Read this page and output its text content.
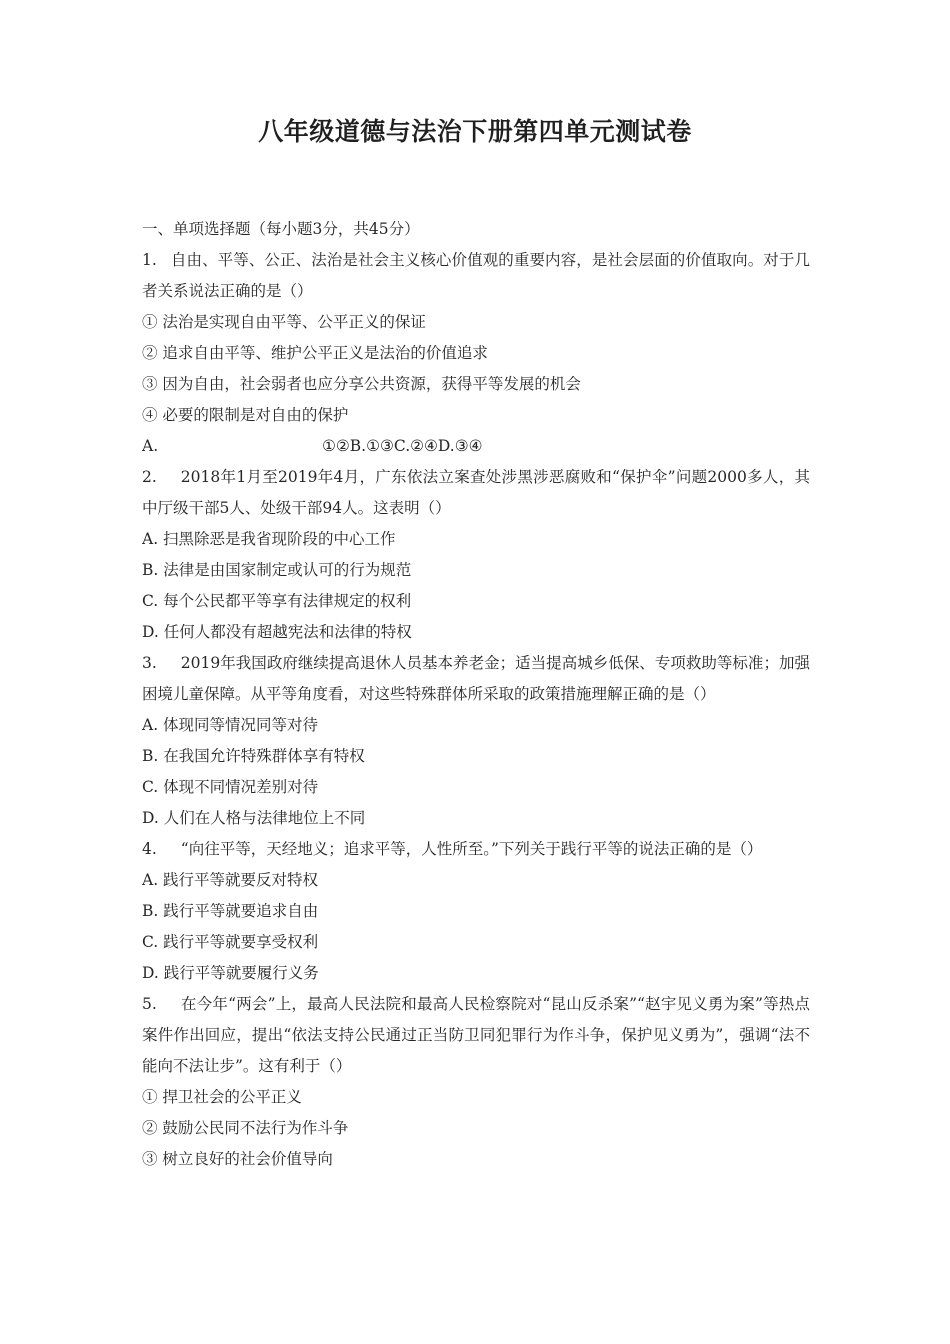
八年级道德与法治下册第四单元测试卷
一、单项选择题（每小题3分，共45分）
1. 自由、平等、公正、法治是社会主义核心价值观的重要内容，是社会层面的价值取向。对于几者关系说法正确的是（）
① 法治是实现自由平等、公平正义的保证
② 追求自由平等、维护公平正义是法治的价值追求
③ 因为自由，社会弱者也应分享公共资源，获得平等发展的机会
④ 必要的限制是对自由的保护
A.	①②B.①③C.②④D.③④
2. 2018年1月至2019年4月，广东依法立案查处涉黑涉恶腐败和“保护伞”问题2000多人，其中厅级干部5人、处级干部94人。这表明（）
A. 扫黑除恶是我省现阶段的中心工作
B. 法律是由国家制定或认可的行为规范
C. 每个公民都平等享有法律规定的权利
D. 任何人都没有超越宪法和法律的特权
3. 2019年我国政府继续提高退休人员基本养老金；适当提高城乡低保、专项救助等标准；加强困境儿童保障。从平等角度看，对这些特殊群体所采取的政策措施理解正确的是（）
A. 体现同等情况同等对待
B. 在我国允许特殊群体享有特权
C. 体现不同情况差别对待
D. 人们在人格与法律地位上不同
4. “向往平等，天经地义；追求平等，人性所至。”下列关于践行平等的说法正确的是（）
A. 践行平等就要反对特权
B. 践行平等就要追求自由
C. 践行平等就要享受权利
D. 践行平等就要履行义务
5. 在今年“两会”上，最高人民法院和最高人民检察院对“昆山反杀案”“赵宇见义勇为案”等热点案件作出回应，提出“依法支持公民通过正当防卫同犯罪行为作斗争，保护见义勇为”，强调“法不能向不法让步”。这有利于（）
① 捍卫社会的公平正义
② 鼓励公民同不法行为作斗争
③ 树立良好的社会价值导向
